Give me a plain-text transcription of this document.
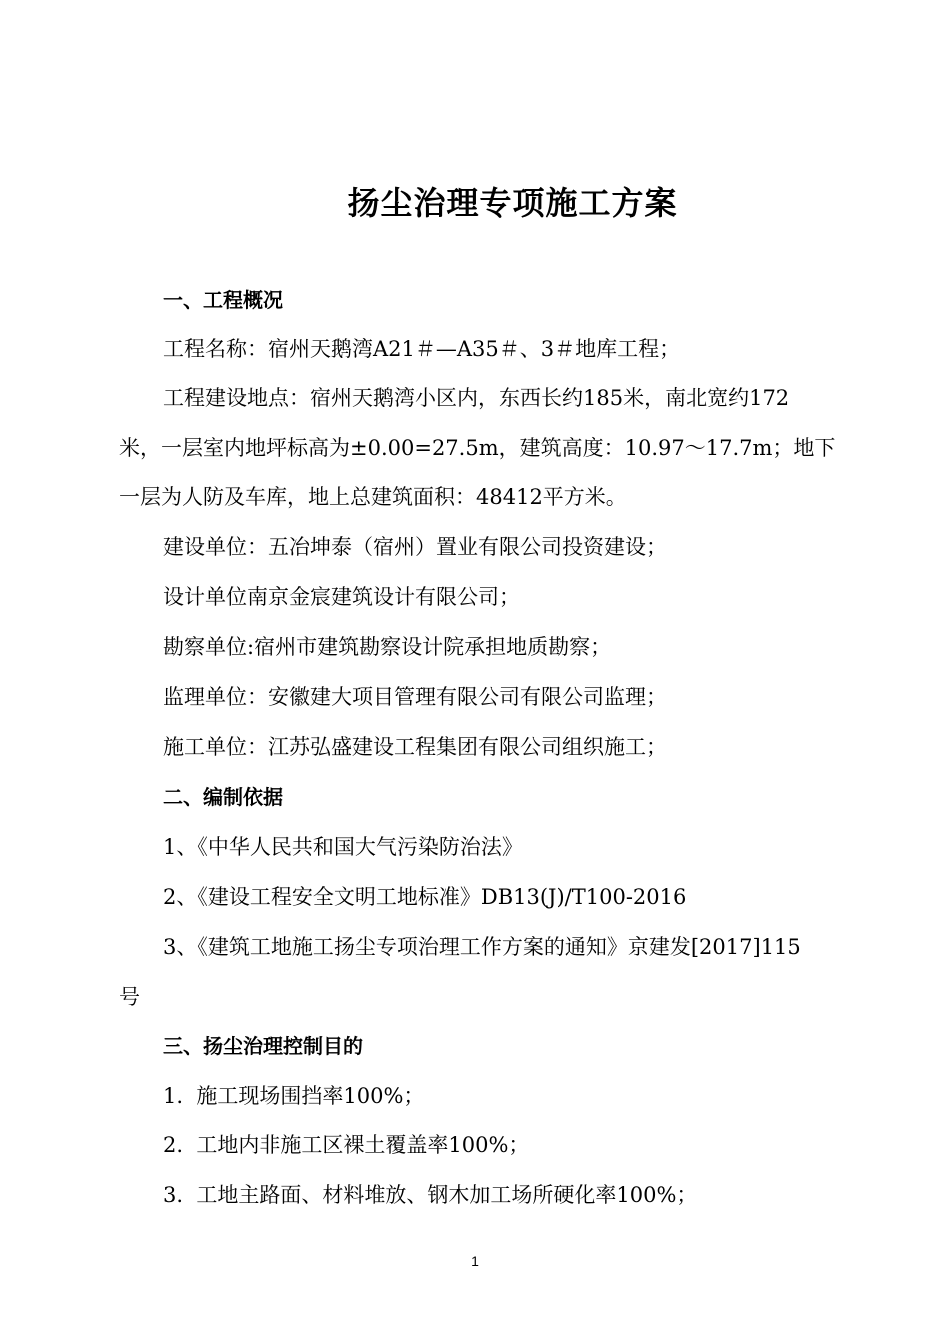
扬尘治理专项施工方案
一、工程概况
工程名称：宿州天鹅湾A21＃—A35＃、3＃地库工程；
工程建设地点：宿州天鹅湾小区内，东西长约185米，南北宽约172
米，一层室内地坪标高为±0.00=27.5m，建筑高度：10.97～17.7m；地下
一层为人防及车库，地上总建筑面积：48412平方米。
建设单位：五冶坤泰（宿州）置业有限公司投资建设；
设计单位南京金宸建筑设计有限公司；
勘察单位:宿州市建筑勘察设计院承担地质勘察；
监理单位：安徽建大项目管理有限公司有限公司监理；
施工单位：江苏弘盛建设工程集团有限公司组织施工；
二、编制依据
1、《中华人民共和国大气污染防治法》
2、《建设工程安全文明工地标准》DB13(J)/T100-2016
3、《建筑工地施工扬尘专项治理工作方案的通知》京建发[2017]115
号
三、扬尘治理控制目的
1.  施工现场围挡率100%；
2.  工地内非施工区裸土覆盖率100%；
3.  工地主路面、材料堆放、钢木加工场所硬化率100%；
1
